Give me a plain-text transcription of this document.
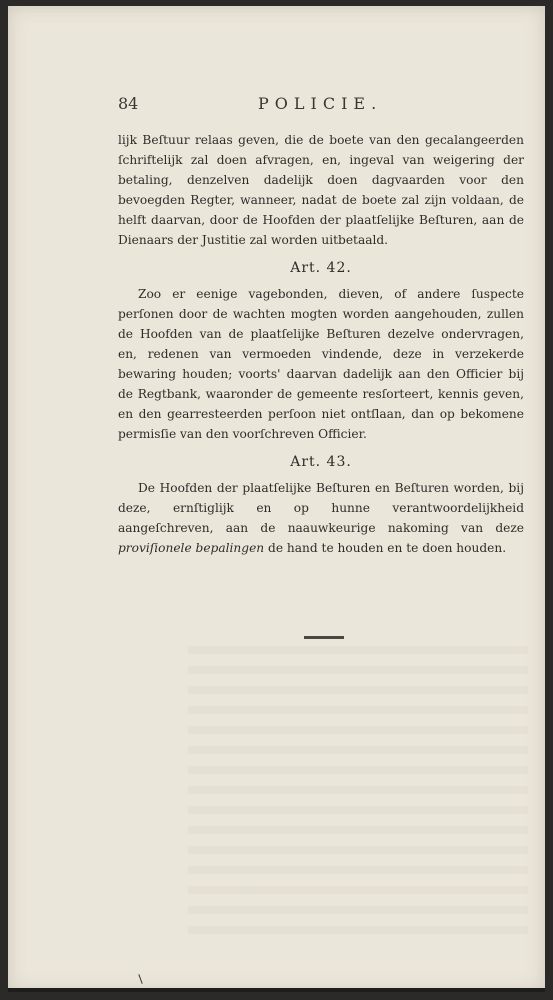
84	POLICIE.

lijk Beſtuur relaas geven, die de boete van den gecalangeerden ſchriftelijk zal doen afvragen, en, ingeval van weigering der betaling, denzelven dadelijk doen dagvaarden voor den bevoegden Regter, wanneer, nadat de boete zal zijn voldaan, de helft daarvan, door de Hoofden der plaatſelijke Beſturen, aan de Dienaars der Justitie zal worden uitbetaald.

Art. 42.

Zoo er eenige vagebonden, dieven, of andere ſuspecte perſonen door de wachten mogten worden aangehouden, zullen de Hoofden van de plaatſelijke Beſturen dezelve ondervragen, en, redenen van vermoeden vindende, deze in verzekerde bewaring houden; voorts' daarvan dadelijk aan den Officier bij de Regtbank, waaronder de gemeente resſorteert, kennis geven, en den gearresteerden perſoon niet ontſlaan, dan op bekomene permisſie van den voorſchreven Officier.

Art. 43.

De Hoofden der plaatſelijke Beſturen en Beſturen worden, bij deze, ernſtiglijk en op hunne verantwoordelijkheid aangeſchreven, aan de naauwkeurige nakoming van deze proviſionele bepalingen de hand te houden en te doen houden.
